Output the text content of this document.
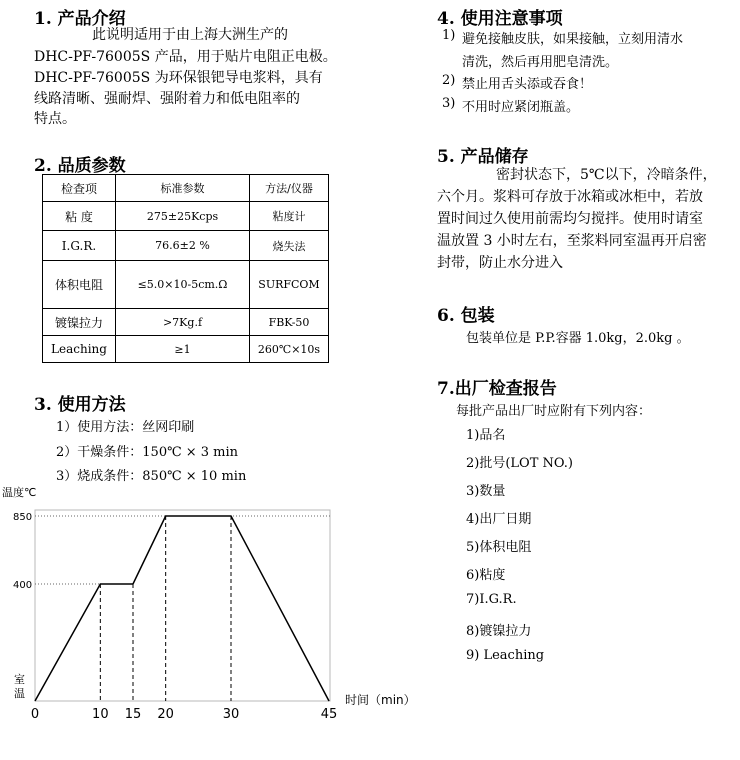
1. 产品介绍
此说明适用于由上海大洲生产的
DHC-PF-76005S 产品，用于贴片电阻正电极。
DHC-PF-76005S 为环保银钯导电浆料，具有
线路清晰、强耐焊、强附着力和低电阻率的
特点。
2. 品质参数
检查项	标准参数	方法/仪器
粘 度	275±25Kcps	粘度计
I.G.R.	76.6±2 %	烧失法
体积电阻	≤5.0×10-5cm.Ω	SURFCOM
镀镍拉力	>7Kg.f	FBK-50
Leaching	≥1	260℃×10s
3. 使用方法
1）使用方法：丝网印刷
2）干燥条件：150℃ × 3 min
3）烧成条件：850℃ × 10 min
温度℃
850
400
室
温
0	10 15 20	30	45
时间（min）
4. 使用注意事项
1) 避免接触皮肤，如果接触，立刻用清水
清洗，然后再用肥皂清洗。
2) 禁止用舌头添或吞食！
3) 不用时应紧闭瓶盖。
5. 产品储存
密封状态下，5℃以下，冷暗条件，
六个月。浆料可存放于冰箱或冰柜中，若放
置时间过久使用前需均匀搅拌。使用时请室
温放置 3 小时左右，至浆料同室温再开启密
封带，防止水分进入
6. 包装
包装单位是 P.P.容器 1.0kg，2.0kg 。
7.出厂检查报告
每批产品出厂时应附有下列内容：
1)品名
2)批号(LOT NO.)
3)数量
4)出厂日期
5)体积电阻
6)粘度
7)I.G.R.
8)镀镍拉力
9) Leaching
